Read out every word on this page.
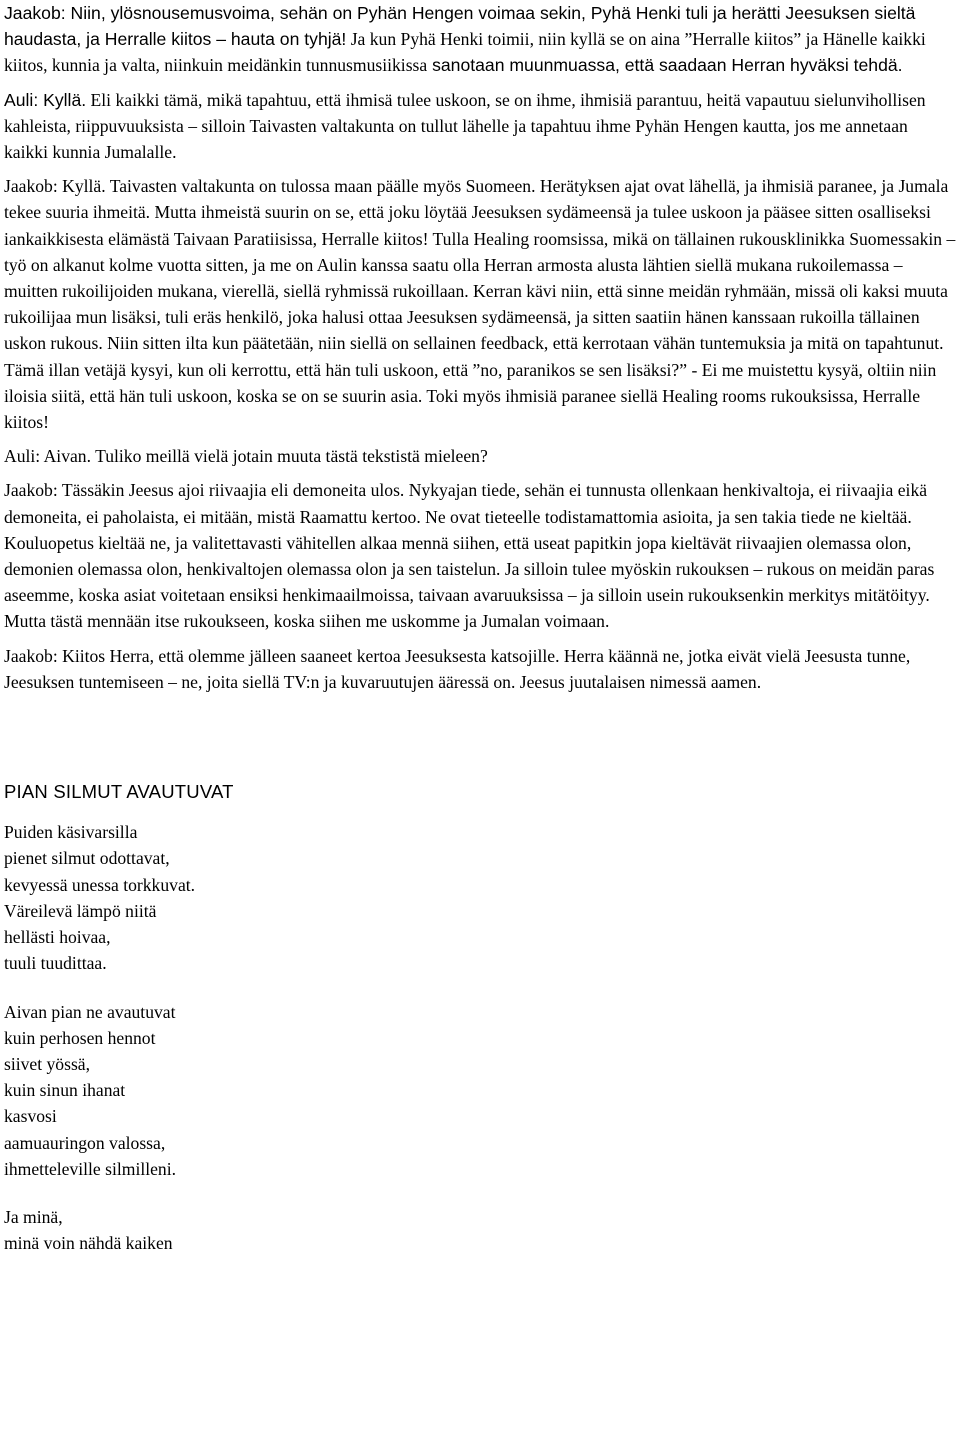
Jaakob: Niin, ylösnousemusvoima, sehän on Pyhän Hengen voimaa sekin, Pyhä Henki tuli ja herätti Jeesuksen sieltä haudasta, ja Herralle kiitos – hauta on tyhjä! Ja kun Pyhä Henki toimii, niin kyllä se on aina ”Herralle kiitos” ja Hänelle kaikki kiitos, kunnia ja valta, niinkuin meidänkin tunnusmusiikissa sanotaan muunmuassa, että saadaan Herran hyväksi tehdä.

Auli: Kyllä. Eli kaikki tämä, mikä tapahtuu, että ihmisä tulee uskoon, se on ihme, ihmisiä parantuu, heitä vapautuu sielunvihollisen kahleista, riippuvuuksista – silloin Taivasten valtakunta on tullut lähelle ja tapahtuu ihme Pyhän Hengen kautta, jos me annetaan kaikki kunnia Jumalalle.

Jaakob: Kyllä. Taivasten valtakunta on tulossa maan päälle myös Suomeen. Herätyksen ajat ovat lähellä, ja ihmisiä paranee, ja Jumala tekee suuria ihmeitä. Mutta ihmeistä suurin on se, että joku löytää Jeesuksen sydämeensä ja tulee uskoon ja pääsee sitten osalliseksi iankaikkisesta elämästä Taivaan Paratiisissa, Herralle kiitos! Tulla Healing roomsissa, mikä on tällainen rukousklinikka Suomessakin – työ on alkanut kolme vuotta sitten, ja me on Aulin kanssa saatu olla Herran armosta alusta lähtien siellä mukana rukoilemassa – muitten rukoilijoiden mukana, vierellä, siellä ryhmissä rukoillaan. Kerran kävi niin, että sinne meidän ryhmään, missä oli kaksi muuta rukoilijaa mun lisäksi, tuli eräs henkilö, joka halusi ottaa Jeesuksen sydämeensä, ja sitten saatiin hänen kanssaan rukoilla tällainen uskon rukous. Niin sitten ilta kun päätetään, niin siellä on sellainen feedback, että kerrotaan vähän tuntemuksia ja mitä on tapahtunut. Tämä illan vetäjä kysyi, kun oli kerrottu, että hän tuli uskoon, että ”no, paranikos se sen lisäksi?” - Ei me muistettu kysyä, oltiin niin iloisia siitä, että hän tuli uskoon, koska se on se suurin asia. Toki myös ihmisiä paranee siellä Healing rooms rukouksissa, Herralle kiitos!

Auli: Aivan. Tuliko meillä vielä jotain muuta tästä tekstistä mieleen?

Jaakob: Tässäkin Jeesus ajoi riivaajia eli demoneita ulos. Nykyajan tiede, sehän ei tunnusta ollenkaan henkivaltoja, ei riivaajia eikä demoneita, ei paholaista, ei mitään, mistä Raamattu kertoo. Ne ovat tieteelle todistamattomia asioita, ja sen takia tiede ne kieltää. Kouluopetus kieltää ne, ja valitettavasti vähitellen alkaa mennä siihen, että useat papitkin jopa kieltävät riivaajien olemassa olon, demonien olemassa olon, henkivaltojen olemassa olon ja sen taistelun. Ja silloin tulee myöskin rukouksen – rukous on meidän paras aseemme, koska asiat voitetaan ensiksi henkimaailmoissa, taivaan avaruuksissa – ja silloin usein rukouksenkin merkitys mitätöityy. Mutta tästä mennään itse rukoukseen, koska siihen me uskomme ja Jumalan voimaan.

Jaakob: Kiitos Herra, että olemme jälleen saaneet kertoa Jeesuksesta katsojille. Herra käännä ne, jotka eivät vielä Jeesusta tunne, Jeesuksen tuntemiseen – ne, joita siellä TV:n ja kuvaruutujen ääressä on. Jeesus juutalaisen nimessä aamen.

PIAN SILMUT AVAUTUVAT
Puiden käsivarsilla
pienet silmut odottavat,
kevyessä unessa torkkuvat.
Väreilevä lämpö niitä
hellästi hoivaa,
tuuli tuudittaa.
Aivan pian ne avautuvat
kuin perhosen hennot
siivet yössä,
kuin sinun ihanat
kasvosi
aamuauringon valossa,
ihmetteleville silmilleni.
Ja minä,
minä voin nähdä kaiken
